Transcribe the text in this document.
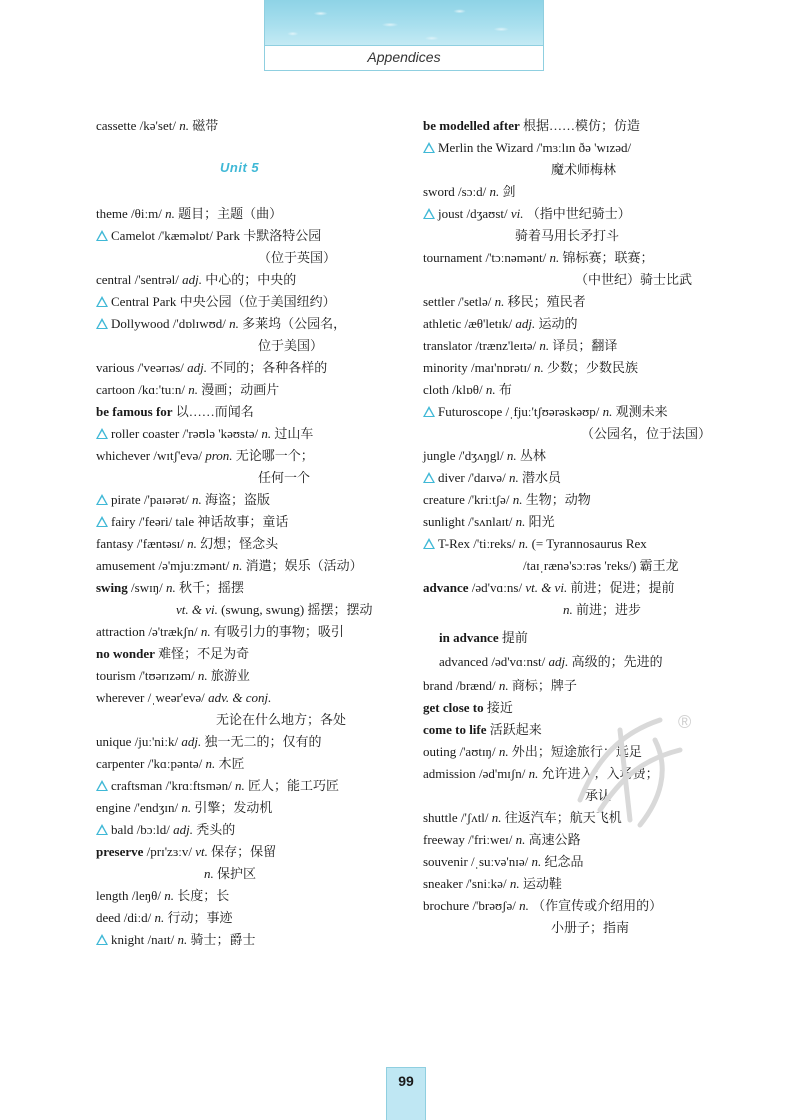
Appendices
Unit 5
cassette /kə'set/ n. 磁带
theme /θiːm/ n. 题目；主题（曲）
Camelot /'kæməlɒt/ Park 卡默洛特公园
（位于英国）
central /'sentrəl/ adj. 中心的；中央的
Central Park 中央公园（位于美国纽约）
Dollywood /'dɒlɪwʊd/ n. 多莱坞（公园名，
位于美国）
various /'veərɪəs/ adj. 不同的；各种各样的
cartoon /kɑː'tuːn/ n. 漫画；动画片
be famous for 以……而闻名
roller coaster /'rəʊlə 'kəʊstə/ n. 过山车
whichever /wɪtʃ'evə/ pron. 无论哪一个；
任何一个
pirate /'paɪərət/ n. 海盗；盗版
fairy /'feəri/ tale 神话故事；童话
fantasy /'fæntəsɪ/ n. 幻想；怪念头
amusement /ə'mjuːzmənt/ n. 消遣；娱乐（活动）
swing /swɪŋ/ n. 秋千；摇摆
vt. & vi. (swung, swung) 摇摆；摆动
attraction /ə'trækʃn/ n. 有吸引力的事物；吸引
no wonder 难怪；不足为奇
tourism /'tʊərɪzəm/ n. 旅游业
wherever /ˌweər'evə/ adv. & conj.
无论在什么地方；各处
unique /juː'niːk/ adj. 独一无二的；仅有的
carpenter /'kɑːpəntə/ n. 木匠
craftsman /'krɑːftsmən/ n. 匠人；能工巧匠
engine /'endʒɪn/ n. 引擎；发动机
bald /bɔːld/ adj. 秃头的
preserve /prɪ'zɜːv/ vt. 保存；保留
n. 保护区
length /leŋθ/ n. 长度；长
deed /diːd/ n. 行动；事迹
knight /naɪt/ n. 骑士；爵士
be modelled after 根据……模仿；仿造
Merlin the Wizard /'mɜːlɪn ðə 'wɪzəd/
魔术师梅林
sword /sɔːd/ n. 剑
joust /dʒaʊst/ vi. （指中世纪骑士）
骑着马用长矛打斗
tournament /'tɔːnəmənt/ n. 锦标赛；联赛；
（中世纪）骑士比武
settler /'setlə/ n. 移民；殖民者
athletic /æθ'letɪk/ adj. 运动的
translator /trænz'leɪtə/ n. 译员；翻译
minority /maɪ'nɒrətɪ/ n. 少数；少数民族
cloth /klɒθ/ n. 布
Futuroscope /ˌfjuː'tʃʊərəskəʊp/ n. 观测未来
（公园名，位于法国）
jungle /'dʒʌŋgl/ n. 丛林
diver /'daɪvə/ n. 潜水员
creature /'kriːtʃə/ n. 生物；动物
sunlight /'sʌnlaɪt/ n. 阳光
T-Rex /'tiːreks/ n. (= Tyrannosaurus Rex
/taɪˌrænə'sɔːrəs 'reks/) 霸王龙
advance /əd'vɑːns/ vt. & vi. 前进；促进；提前
n. 前进；进步
in advance 提前
advanced /əd'vɑːnst/ adj. 高级的；先进的
brand /brænd/ n. 商标；牌子
get close to 接近
come to life 活跃起来
outing /'aʊtɪŋ/ n. 外出；短途旅行；远足
admission /əd'mɪʃn/ n. 允许进入；入场费；
承认
shuttle /'ʃʌtl/ n. 往返汽车；航天飞机
freeway /'friːweɪ/ n. 高速公路
souvenir /ˌsuːvə'nɪə/ n. 纪念品
sneaker /'sniːkə/ n. 运动鞋
brochure /'brəʊʃə/ n. （作宣传或介绍用的）
小册子；指南
®
99
